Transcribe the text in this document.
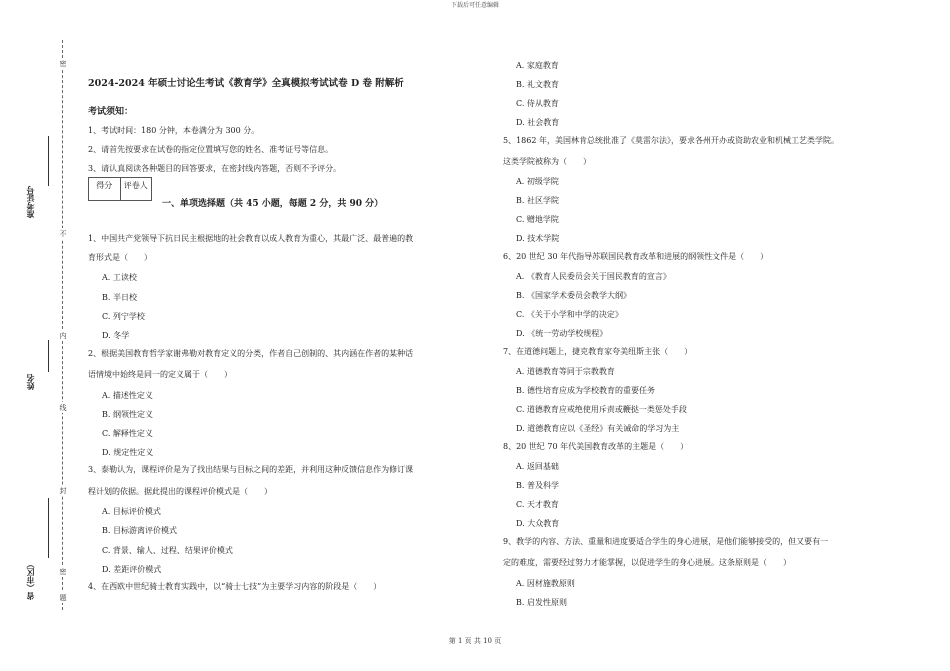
下载后可任意编辑
准考证号
姓名
省（市区）
密
不
内
线
封
密
题
2024-2024 年硕士讨论生考试《教育学》全真模拟考试试卷 D 卷 附解析
考试须知：
1、考试时间：180 分钟，本卷满分为 300 分。
2、请首先按要求在试卷的指定位置填写您的姓名、准考证号等信息。
3、请认真阅读各种题目的回答要求，在密封线内答题，否则不予评分。
得分	评卷人
一、单项选择题（共 45 小题，每题 2 分，共 90 分）
1、中国共产党领导下抗日民主根据地的社会教育以成人教育为重心，其最广泛、最普遍的教
育形式是（　　）
A. 工读校
B. 半日校
C. 列宁学校
D. 冬学
2、根据美国教育哲学家谢弗勒对教育定义的分类，作者自己创制的、其内涵在作者的某种话
语情境中始终是同一的定义属于（　　）
A. 描述性定义
B. 纲领性定义
C. 解释性定义
D. 规定性定义
3、泰勒认为，课程评价是为了找出结果与目标之间的差距，并利用这种反馈信息作为修订课
程计划的依据。据此提出的课程评价模式是（　　）
A. 目标评价模式
B. 目标游离评价模式
C. 背景、输人、过程、结果评价模式
D. 差距评价模式
4、在西欧中世纪骑士教育实践中，以“骑士七技”为主要学习内容的阶段是（　　）
A. 家庭教育
B. 礼文教育
C. 侍从教育
D. 社会教育
5、1862 年，美国林肯总统批准了《莫雷尔法》，要求各州开办或资助农业和机械工艺类学院。
这类学院被称为（　　）
A. 初级学院
B. 社区学院
C. 赠地学院
D. 技术学院
6、20 世纪 30 年代指导苏联国民教育改革和进展的纲领性文件是（　　）
A. 《教育人民委员会关于国民教育的宣言》
B. 《国家学术委员会教学大纲》
C. 《关于小学和中学的决定》
D. 《统一劳动学校规程》
7、在道德问题上，捷克教育家夸美纽斯主张（　　）
A. 道德教育等同于宗教教育
B. 德性培育应成为学校教育的重要任务
C. 道德教育应戒绝使用斥责或鞭挞一类惩处手段
D. 道德教育应以《圣经》有关诫命的学习为主
8、20 世纪 70 年代美国教育改革的主题是（　　）
A. 返回基础
B. 普及科学
C. 天才教育
D. 大众教育
9、教学的内容、方法、重量和进度要适合学生的身心进展，是他们能够接受的，但又要有一
定的难度，需要经过努力才能掌握，以促进学生的身心进展。这条原则是（　　）
A. 因材施教原则
B. 启发性原则
第 1 页 共 10 页
